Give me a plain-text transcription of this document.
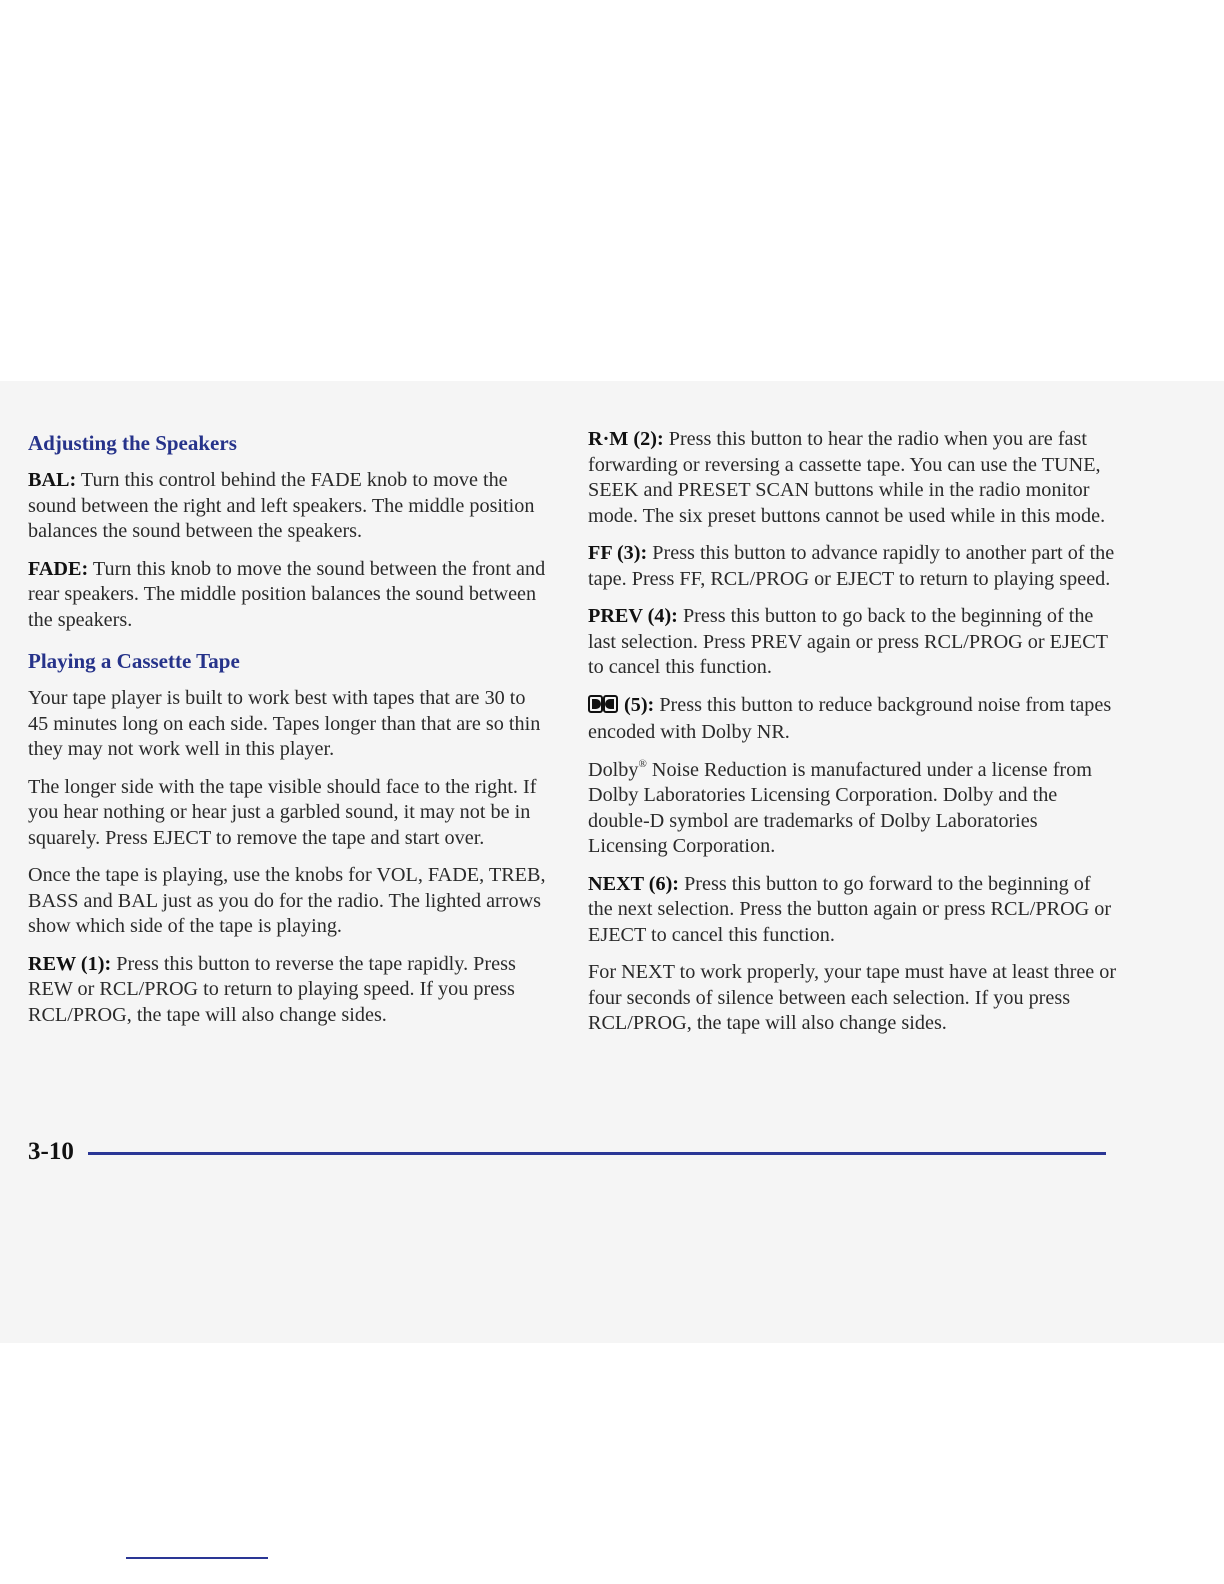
Adjusting the Speakers

BAL: Turn this control behind the FADE knob to move the sound between the right and left speakers. The middle position balances the sound between the speakers.

FADE: Turn this knob to move the sound between the front and rear speakers. The middle position balances the sound between the speakers.

Playing a Cassette Tape

Your tape player is built to work best with tapes that are 30 to 45 minutes long on each side. Tapes longer than that are so thin they may not work well in this player.

The longer side with the tape visible should face to the right. If you hear nothing or hear just a garbled sound, it may not be in squarely. Press EJECT to remove the tape and start over.

Once the tape is playing, use the knobs for VOL, FADE, TREB, BASS and BAL just as you do for the radio. The lighted arrows show which side of the tape is playing.

REW (1): Press this button to reverse the tape rapidly. Press REW or RCL/PROG to return to playing speed. If you press RCL/PROG, the tape will also change sides.

R·M (2): Press this button to hear the radio when you are fast forwarding or reversing a cassette tape. You can use the TUNE, SEEK and PRESET SCAN buttons while in the radio monitor mode. The six preset buttons cannot be used while in this mode.

FF (3): Press this button to advance rapidly to another part of the tape. Press FF, RCL/PROG or EJECT to return to playing speed.

PREV (4): Press this button to go back to the beginning of the last selection. Press PREV again or press RCL/PROG or EJECT to cancel this function.

(5): Press this button to reduce background noise from tapes encoded with Dolby NR.

Dolby® Noise Reduction is manufactured under a license from Dolby Laboratories Licensing Corporation. Dolby and the double-D symbol are trademarks of Dolby Laboratories Licensing Corporation.

NEXT (6): Press this button to go forward to the beginning of the next selection. Press the button again or press RCL/PROG or EJECT to cancel this function.

For NEXT to work properly, your tape must have at least three or four seconds of silence between each selection. If you press RCL/PROG, the tape will also change sides.

3-10
